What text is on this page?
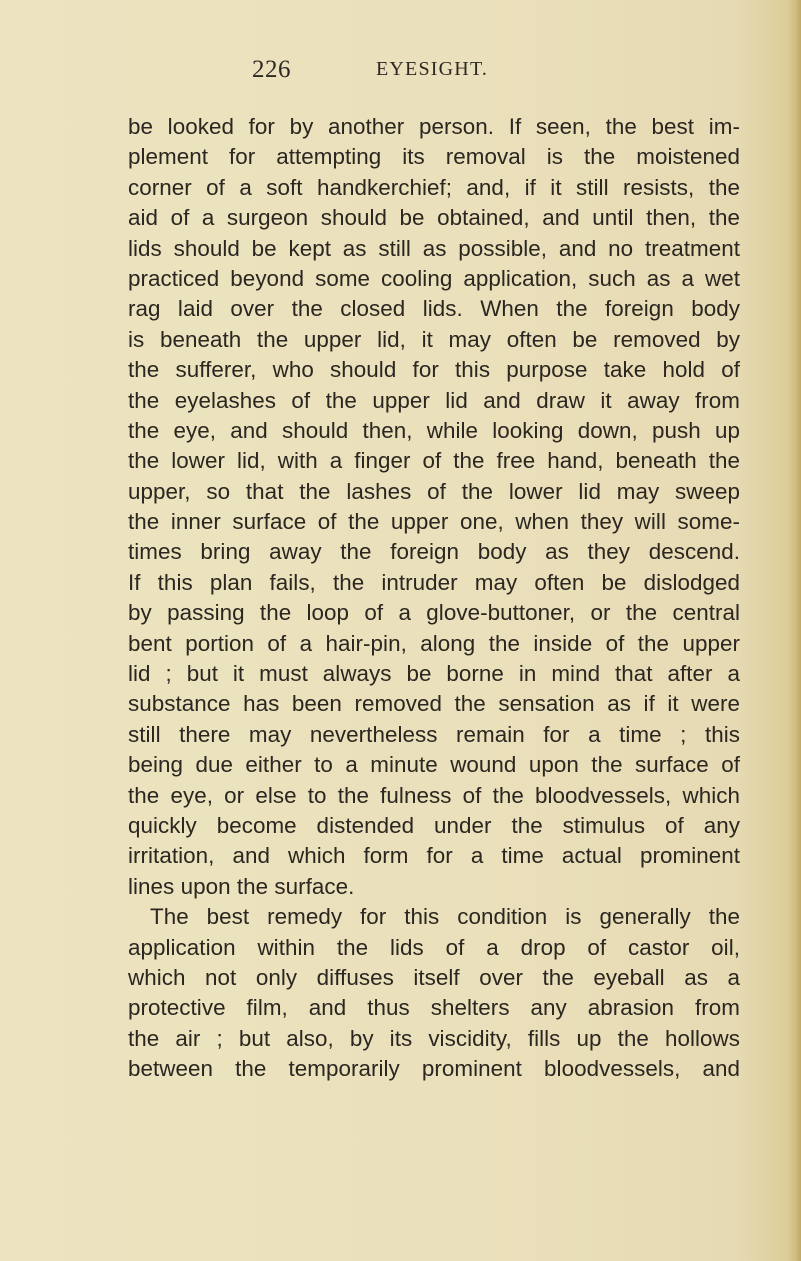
226	EYESIGHT.
be looked for by another person. If seen, the best im-
plement for attempting its removal is the moistened
corner of a soft handkerchief; and, if it still resists, the
aid of a surgeon should be obtained, and until then, the
lids should be kept as still as possible, and no treatment
practiced beyond some cooling application, such as a wet
rag laid over the closed lids. When the foreign body
is beneath the upper lid, it may often be removed by
the sufferer, who should for this purpose take hold of
the eyelashes of the upper lid and draw it away from
the eye, and should then, while looking down, push up
the lower lid, with a finger of the free hand, beneath the
upper, so that the lashes of the lower lid may sweep
the inner surface of the upper one, when they will some-
times bring away the foreign body as they descend.
If this plan fails, the intruder may often be dislodged
by passing the loop of a glove-buttoner, or the central
bent portion of a hair-pin, along the inside of the upper
lid ; but it must always be borne in mind that after a
substance has been removed the sensation as if it were
still there may nevertheless remain for a time ; this
being due either to a minute wound upon the surface of
the eye, or else to the fulness of the bloodvessels, which
quickly become distended under the stimulus of any
irritation, and which form for a time actual prominent
lines upon the surface.
The best remedy for this condition is generally the
application within the lids of a drop of castor oil,
which not only diffuses itself over the eyeball as a
protective film, and thus shelters any abrasion from
the air ; but also, by its viscidity, fills up the hollows
between the temporarily prominent bloodvessels, and
